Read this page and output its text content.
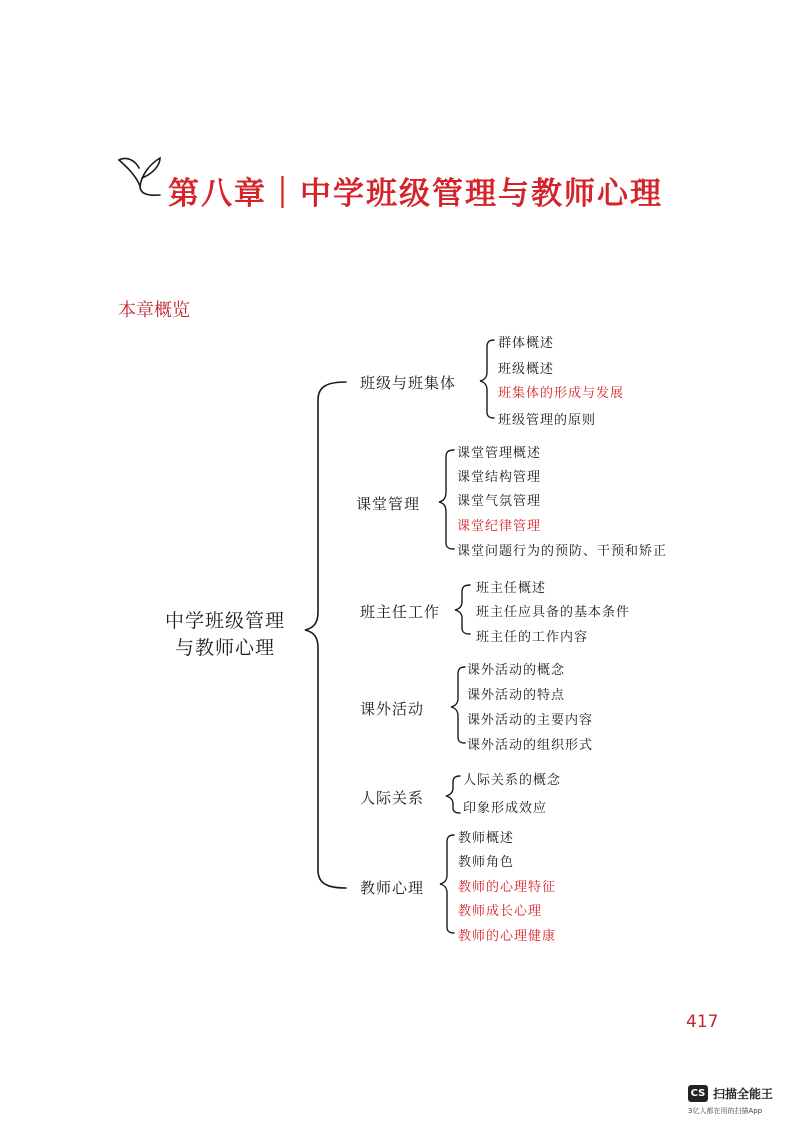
第八章｜中学班级管理与教师心理
本章概览
中学班级管理
与教师心理
班级与班集体
群体概述
班级概述
班集体的形成与发展
班级管理的原则
课堂管理
课堂管理概述
课堂结构管理
课堂气氛管理
课堂纪律管理
课堂问题行为的预防、干预和矫正
班主任工作
班主任概述
班主任应具备的基本条件
班主任的工作内容
课外活动
课外活动的概念
课外活动的特点
课外活动的主要内容
课外活动的组织形式
人际关系
人际关系的概念
印象形成效应
教师心理
教师概述
教师角色
教师的心理特征
教师成长心理
教师的心理健康
417
CS 扫描全能王
3亿人都在用的扫描App
